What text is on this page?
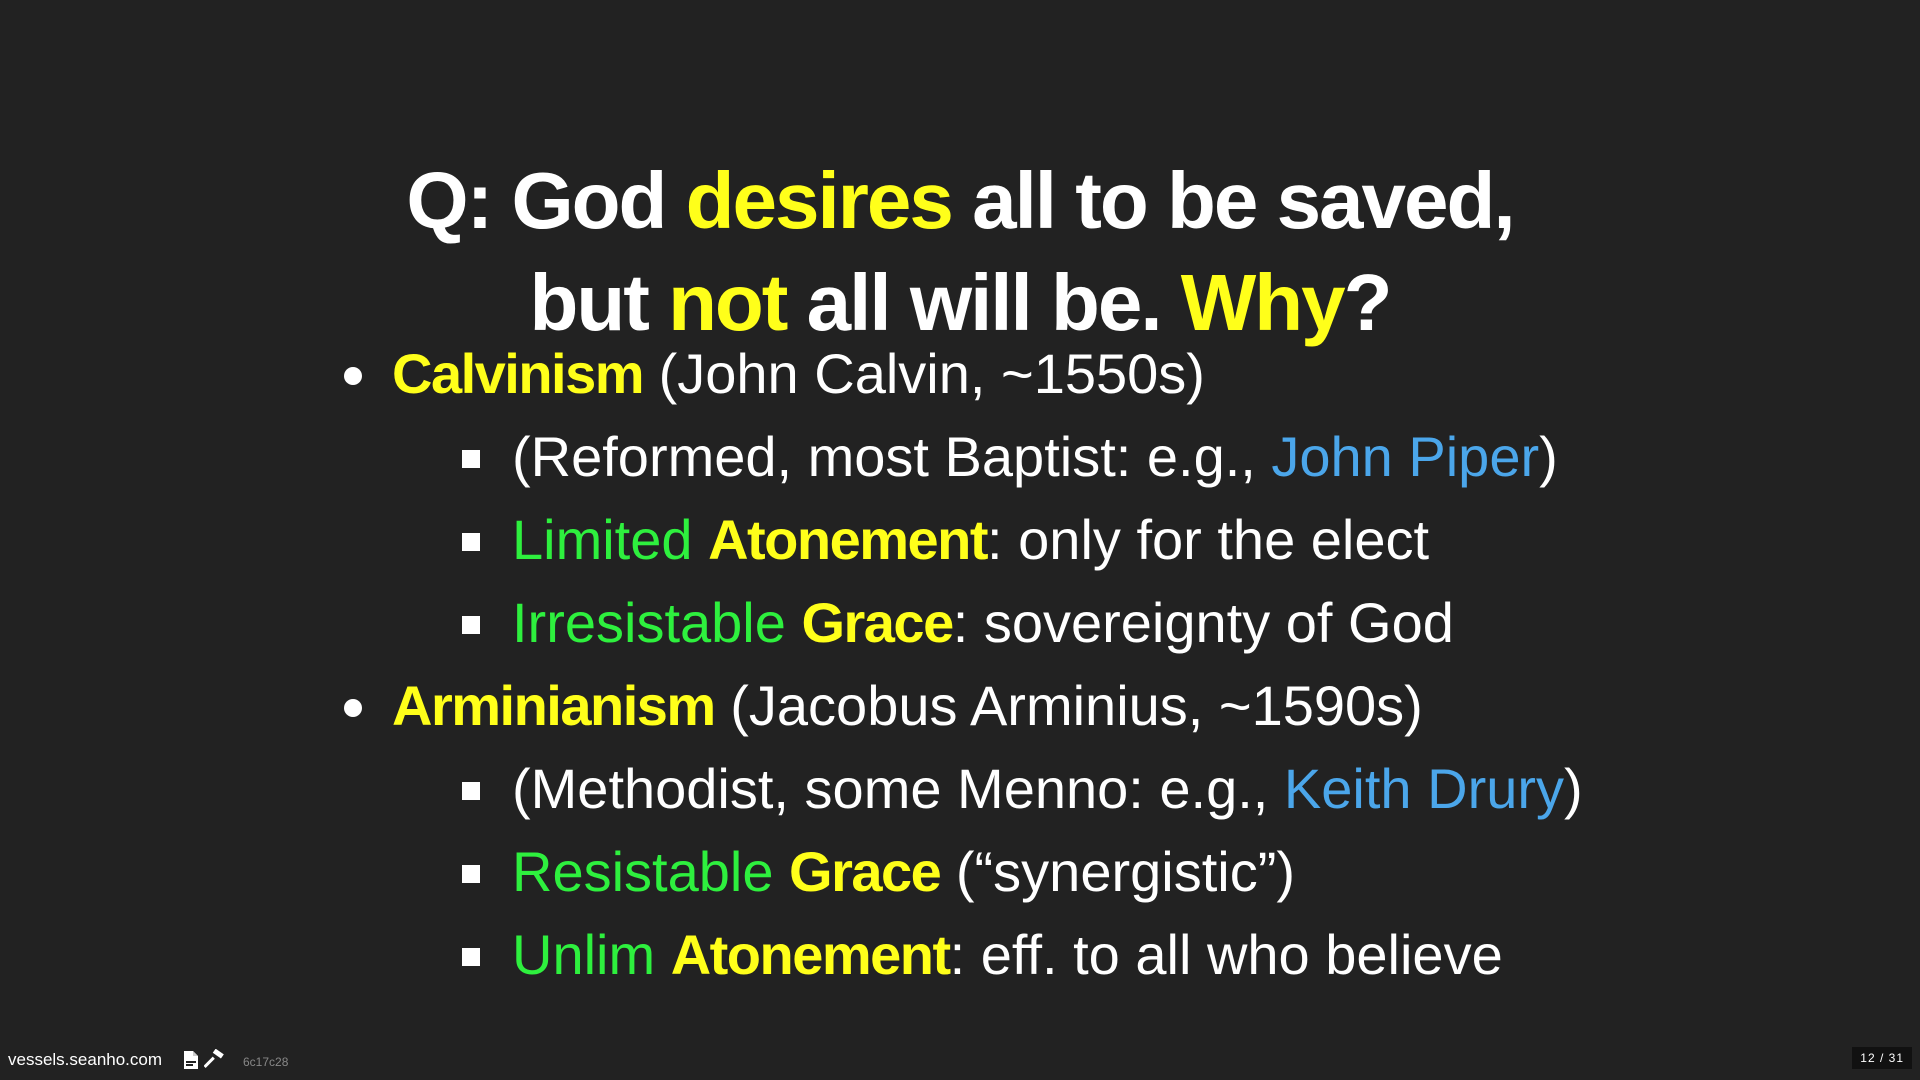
Q: God desires all to be saved,
but not all will be. Why?
Calvinism (John Calvin, ~1550s)
(Reformed, most Baptist: e.g., John Piper)
Limited Atonement: only for the elect
Irresistable Grace: sovereignty of God
Arminianism (Jacobus Arminius, ~1590s)
(Methodist, some Menno: e.g., Keith Drury)
Resistable Grace (“synergistic”)
Unlim Atonement: eff. to all who believe
vessels.seanho.com	6c17c28	12 / 31
